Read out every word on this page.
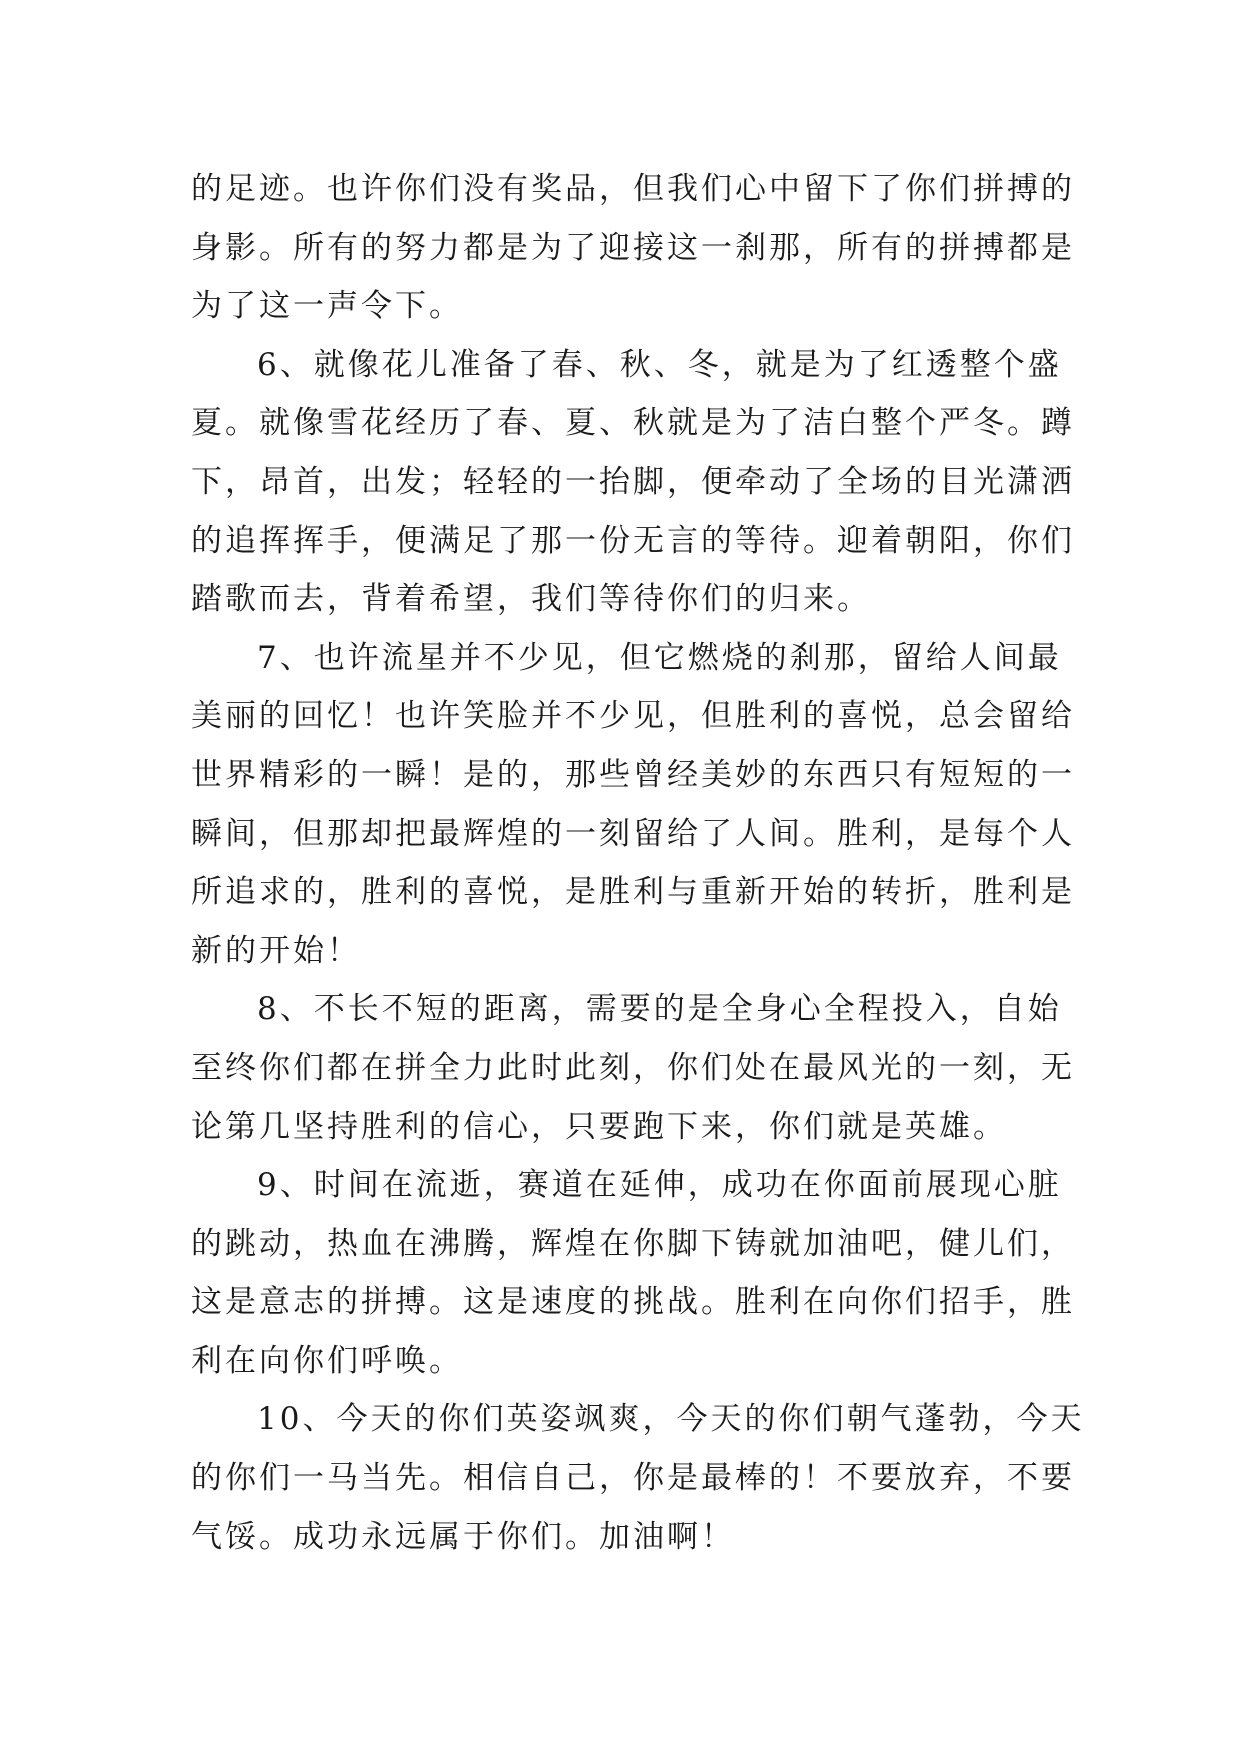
的足迹。也许你们没有奖品，但我们心中留下了你们拼搏的
身影。所有的努力都是为了迎接这一刹那，所有的拼搏都是
为了这一声令下。
6、就像花儿准备了春、秋、冬，就是为了红透整个盛
夏。就像雪花经历了春、夏、秋就是为了洁白整个严冬。蹲
下，昂首，出发；轻轻的一抬脚，便牵动了全场的目光潇洒
的追挥挥手，便满足了那一份无言的等待。迎着朝阳，你们
踏歌而去，背着希望，我们等待你们的归来。
7、也许流星并不少见，但它燃烧的刹那，留给人间最
美丽的回忆！也许笑脸并不少见，但胜利的喜悦，总会留给
世界精彩的一瞬！是的，那些曾经美妙的东西只有短短的一
瞬间，但那却把最辉煌的一刻留给了人间。胜利，是每个人
所追求的，胜利的喜悦，是胜利与重新开始的转折，胜利是
新的开始！
8、不长不短的距离，需要的是全身心全程投入，自始
至终你们都在拼全力此时此刻，你们处在最风光的一刻，无
论第几坚持胜利的信心，只要跑下来，你们就是英雄。
9、时间在流逝，赛道在延伸，成功在你面前展现心脏
的跳动，热血在沸腾，辉煌在你脚下铸就加油吧，健儿们，
这是意志的拼搏。这是速度的挑战。胜利在向你们招手，胜
利在向你们呼唤。
10、今天的你们英姿飒爽，今天的你们朝气蓬勃，今天
的你们一马当先。相信自己，你是最棒的！不要放弃，不要
气馁。成功永远属于你们。加油啊！
